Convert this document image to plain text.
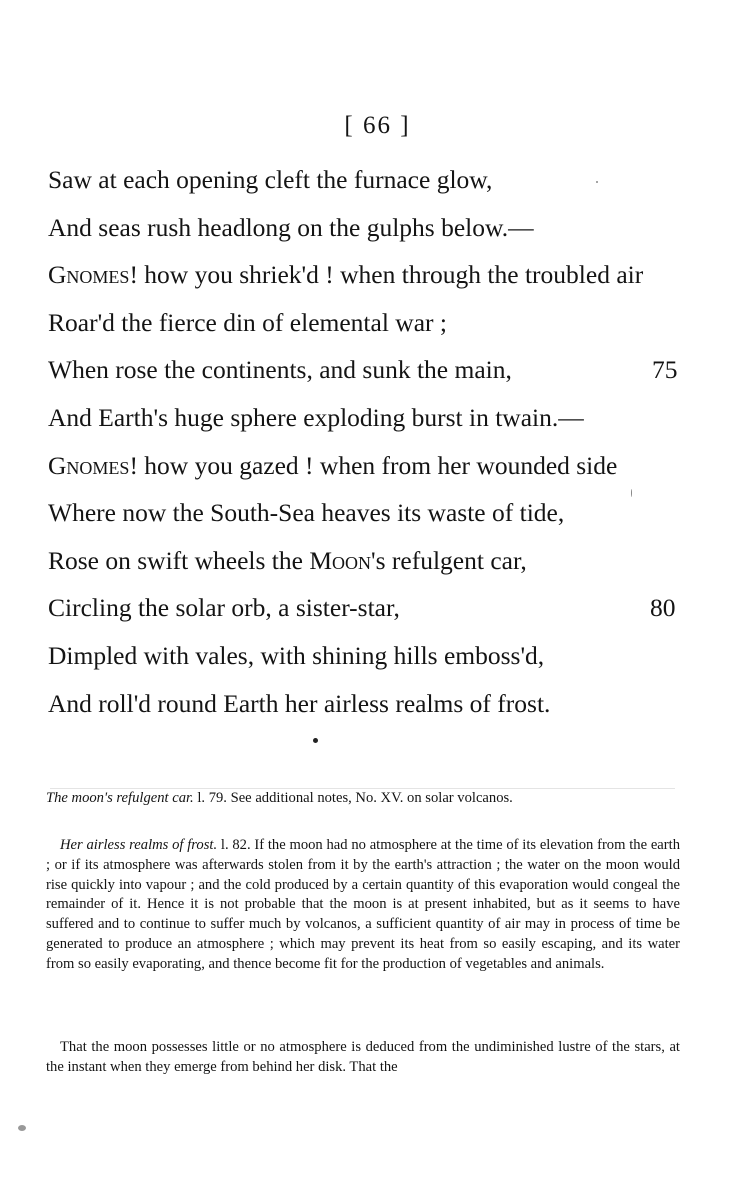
[ 66 ]
Saw at each opening cleft the furnace glow,
And seas rush headlong on the gulphs below.—
Gnomes! how you shriek'd ! when through the troubled air
Roar'd the fierce din of elemental war ;
When rose the continents, and sunk the main,	75
And Earth's huge sphere exploding burst in twain.—
Gnomes! how you gazed ! when from her wounded side
Where now the South-Sea heaves its waste of tide,
Rose on swift wheels the Moon's refulgent car,
Circling the solar orb, a sister-star,	80
Dimpled with vales, with shining hills emboss'd,
And roll'd round Earth her airless realms of frost.
The moon's refulgent car. l. 79. See additional notes, No. XV. on solar volcanos.
Her airless realms of frost. l. 82. If the moon had no atmosphere at the time of its elevation from the earth ; or if its atmosphere was afterwards stolen from it by the earth's attraction ; the water on the moon would rise quickly into vapour ; and the cold produced by a certain quantity of this evaporation would congeal the remainder of it. Hence it is not probable that the moon is at present inhabited, but as it seems to have suffered and to continue to suffer much by volcanos, a sufficient quantity of air may in process of time be generated to produce an atmosphere ; which may prevent its heat from so easily escaping, and its water from so easily evaporating, and thence become fit for the production of vegetables and animals.
That the moon possesses little or no atmosphere is deduced from the undiminished lustre of the stars, at the instant when they emerge from behind her disk. That the
